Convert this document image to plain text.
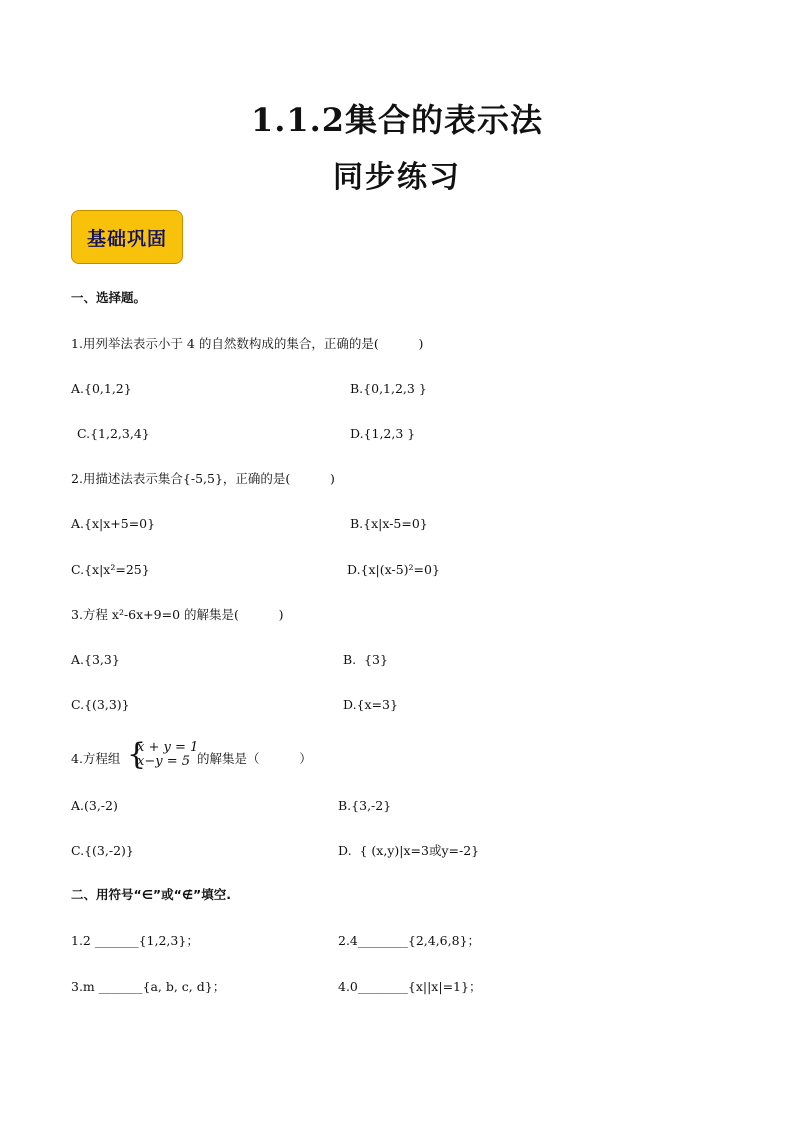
1.1.2集合的表示法
同步练习
基础巩固
一、选择题。
1.用列举法表示小于 4 的自然数构成的集合，正确的是(          )
A.{0,1,2}	B.{0,1,2,3 }
C.{1,2,3,4}	D.{1,2,3 }
2.用描述法表示集合{-5,5}，正确的是(          )
A.{x|x+5=0}	B.{x|x-5=0}
C.{x|x²=25}	D.{x|(x-5)²=0}
3.方程 x²-6x+9=0 的解集是(          )
A.{3,3}	B.  {3}
C.{(3,3)}	D.{x=3}
4.方程组 {
x + y = 1
x−y = 5 的解集是（          ）
A.(3,-2)	B.{3,-2}
C.{(3,-2)}	D.  { (x,y)|x=3或y=-2}
二、用符号“∈”或“∉”填空.
1.2 _______{1,2,3}；	2.4________{2,4,6,8}；
3.m _______{a, b, c, d}；	4.0________{x||x|=1}；
